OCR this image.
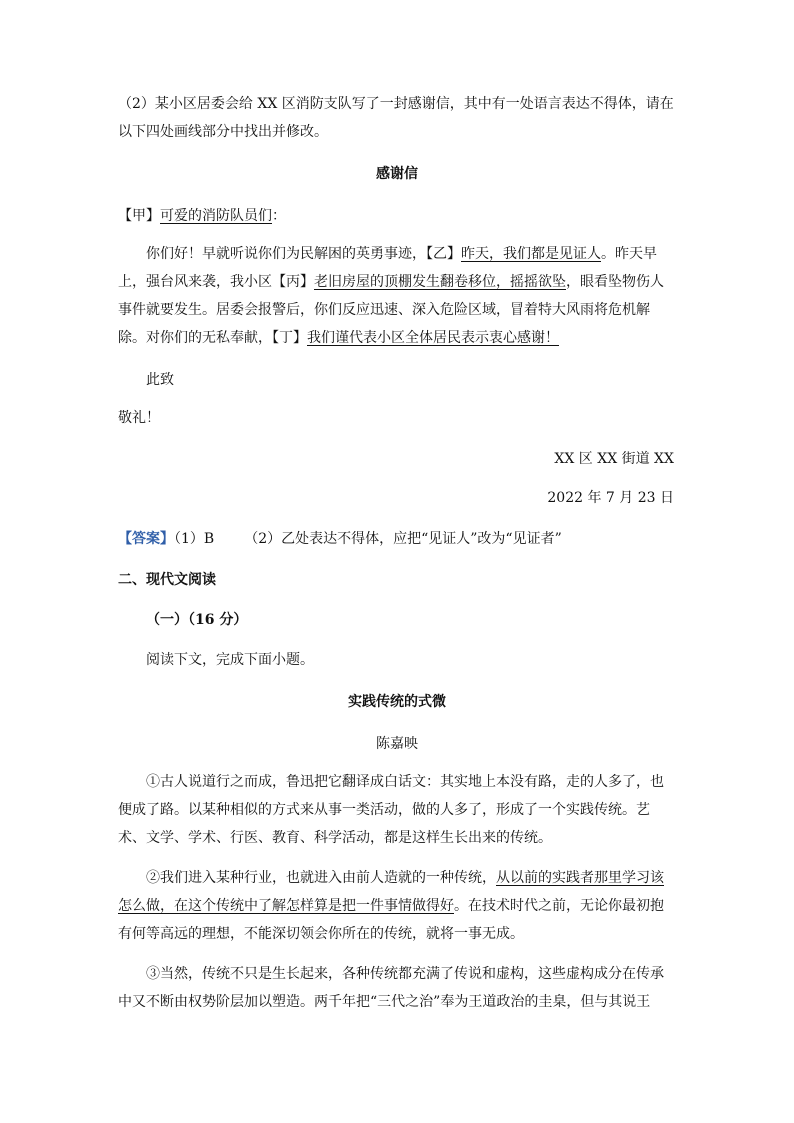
（2）某小区居委会给 XX 区消防支队写了一封感谢信，其中有一处语言表达不得体，请在

以下四处画线部分中找出并修改。

感谢信

【甲】可爱的消防队员们：

你们好！早就听说你们为民解困的英勇事迹，【乙】昨天，我们都是见证人。昨天早

上，强台风来袭，我小区【丙】老旧房屋的顶棚发生翻卷移位，摇摇欲坠，眼看坠物伤人

事件就要发生。居委会报警后，你们反应迅速、深入危险区域，冒着特大风雨将危机解

除。对你们的无私奉献，【丁】我们谨代表小区全体居民表示衷心感谢！

此致

敬礼！

XX 区 XX 街道 XX

2022 年 7 月 23 日

【答案】（1）B （2）乙处表达不得体，应把“见证人”改为“见证者”

二、现代文阅读

（一）（16 分）

阅读下文，完成下面小题。

实践传统的式微

陈嘉映

①古人说道行之而成，鲁迅把它翻译成白话文：其实地上本没有路，走的人多了，也

便成了路。以某种相似的方式来从事一类活动，做的人多了，形成了一个实践传统。艺

术、文学、学术、行医、教育、科学活动，都是这样生长出来的传统。

②我们进入某种行业，也就进入由前人造就的一种传统，从以前的实践者那里学习该

怎么做，在这个传统中了解怎样算是把一件事情做得好。在技术时代之前，无论你最初抱

有何等高远的理想，不能深切领会你所在的传统，就将一事无成。

③当然，传统不只是生长起来，各种传统都充满了传说和虚构，这些虚构成分在传承

中又不断由权势阶层加以塑造。两千年把“三代之治”奉为王道政治的圭臬，但与其说王
